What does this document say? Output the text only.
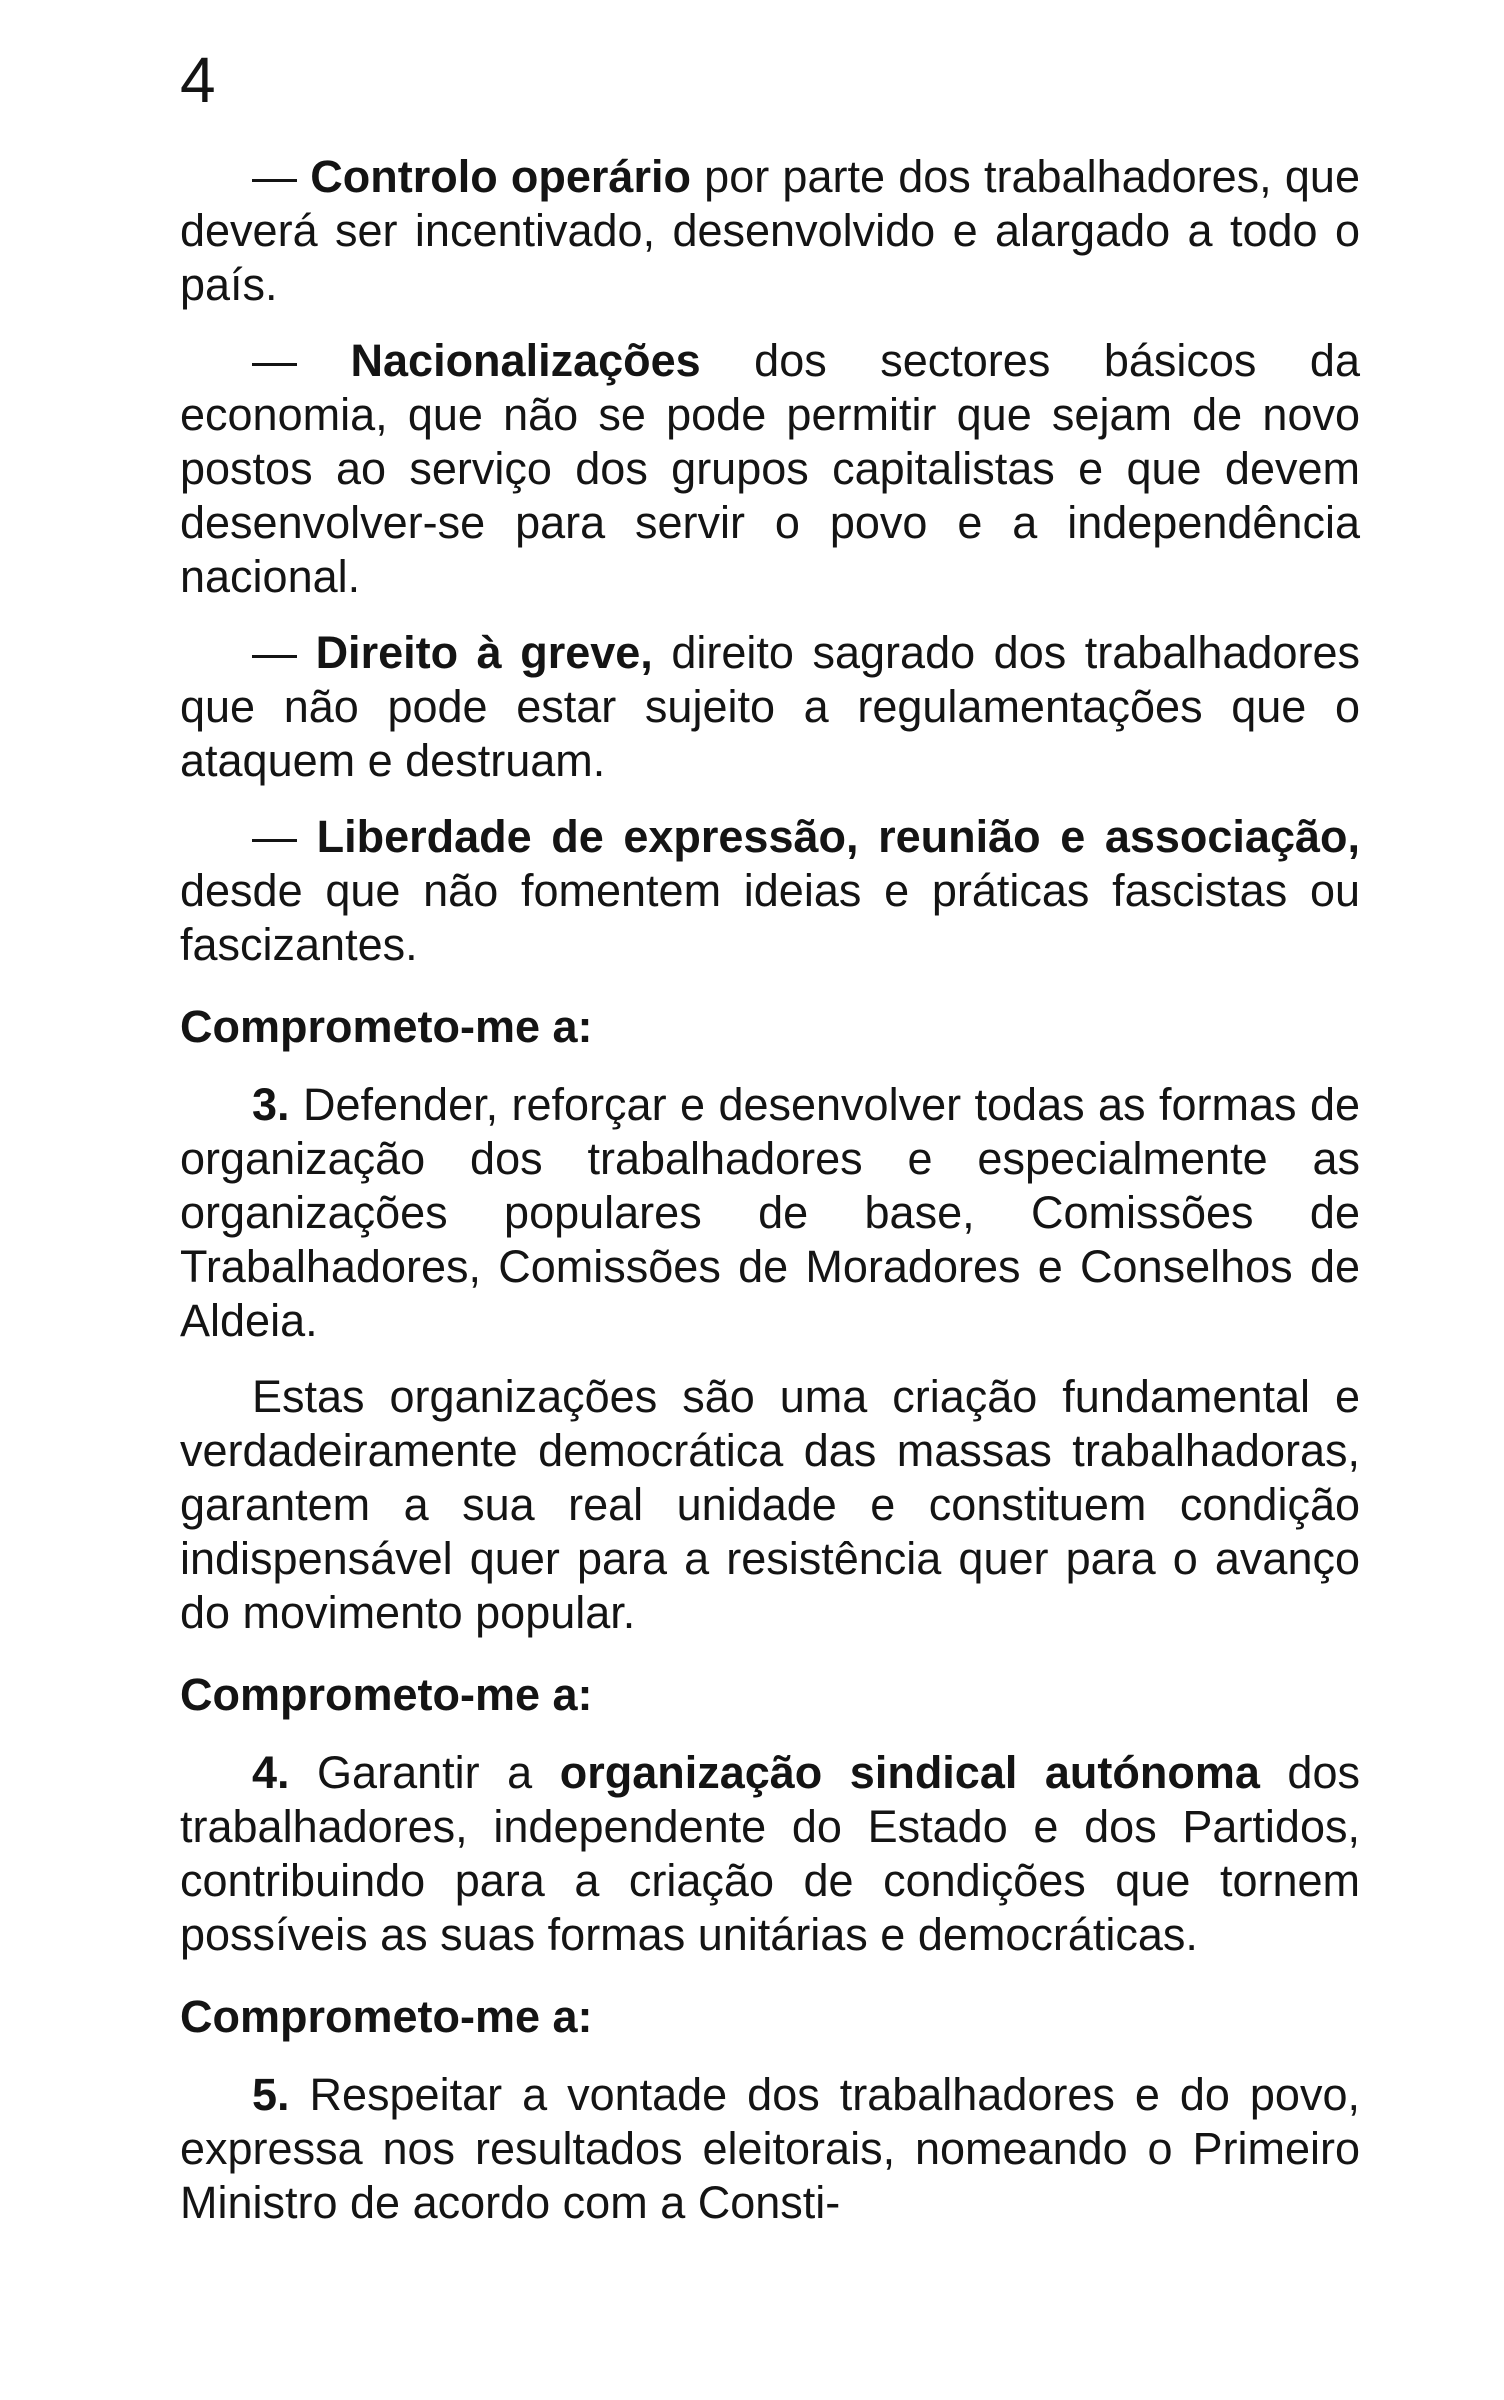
4

— Controlo operário por parte dos trabalhadores, que deverá ser incentivado, desenvolvido e alargado a todo o país.

— Nacionalizações dos sectores básicos da economia, que não se pode permitir que sejam de novo postos ao serviço dos grupos capitalistas e que devem desenvolver-se para servir o povo e a independência nacional.

— Direito à greve, direito sagrado dos trabalhadores que não pode estar sujeito a regulamentações que o ataquem e destruam.

— Liberdade de expressão, reunião e associação, desde que não fomentem ideias e práticas fascistas ou fascizantes.

Comprometo-me a:

3. Defender, reforçar e desenvolver todas as formas de organização dos trabalhadores e especialmente as organizações populares de base, Comissões de Trabalhadores, Comissões de Moradores e Conselhos de Aldeia.

Estas organizações são uma criação fundamental e verdadeiramente democrática das massas trabalhadoras, garantem a sua real unidade e constituem condição indispensável quer para a resistência quer para o avanço do movimento popular.

Comprometo-me a:

4. Garantir a organização sindical autónoma dos trabalhadores, independente do Estado e dos Partidos, contribuindo para a criação de condições que tornem possíveis as suas formas unitárias e democráticas.

Comprometo-me a:

5. Respeitar a vontade dos trabalhadores e do povo, expressa nos resultados eleitorais, nomeando o Primeiro Ministro de acordo com a Consti-
